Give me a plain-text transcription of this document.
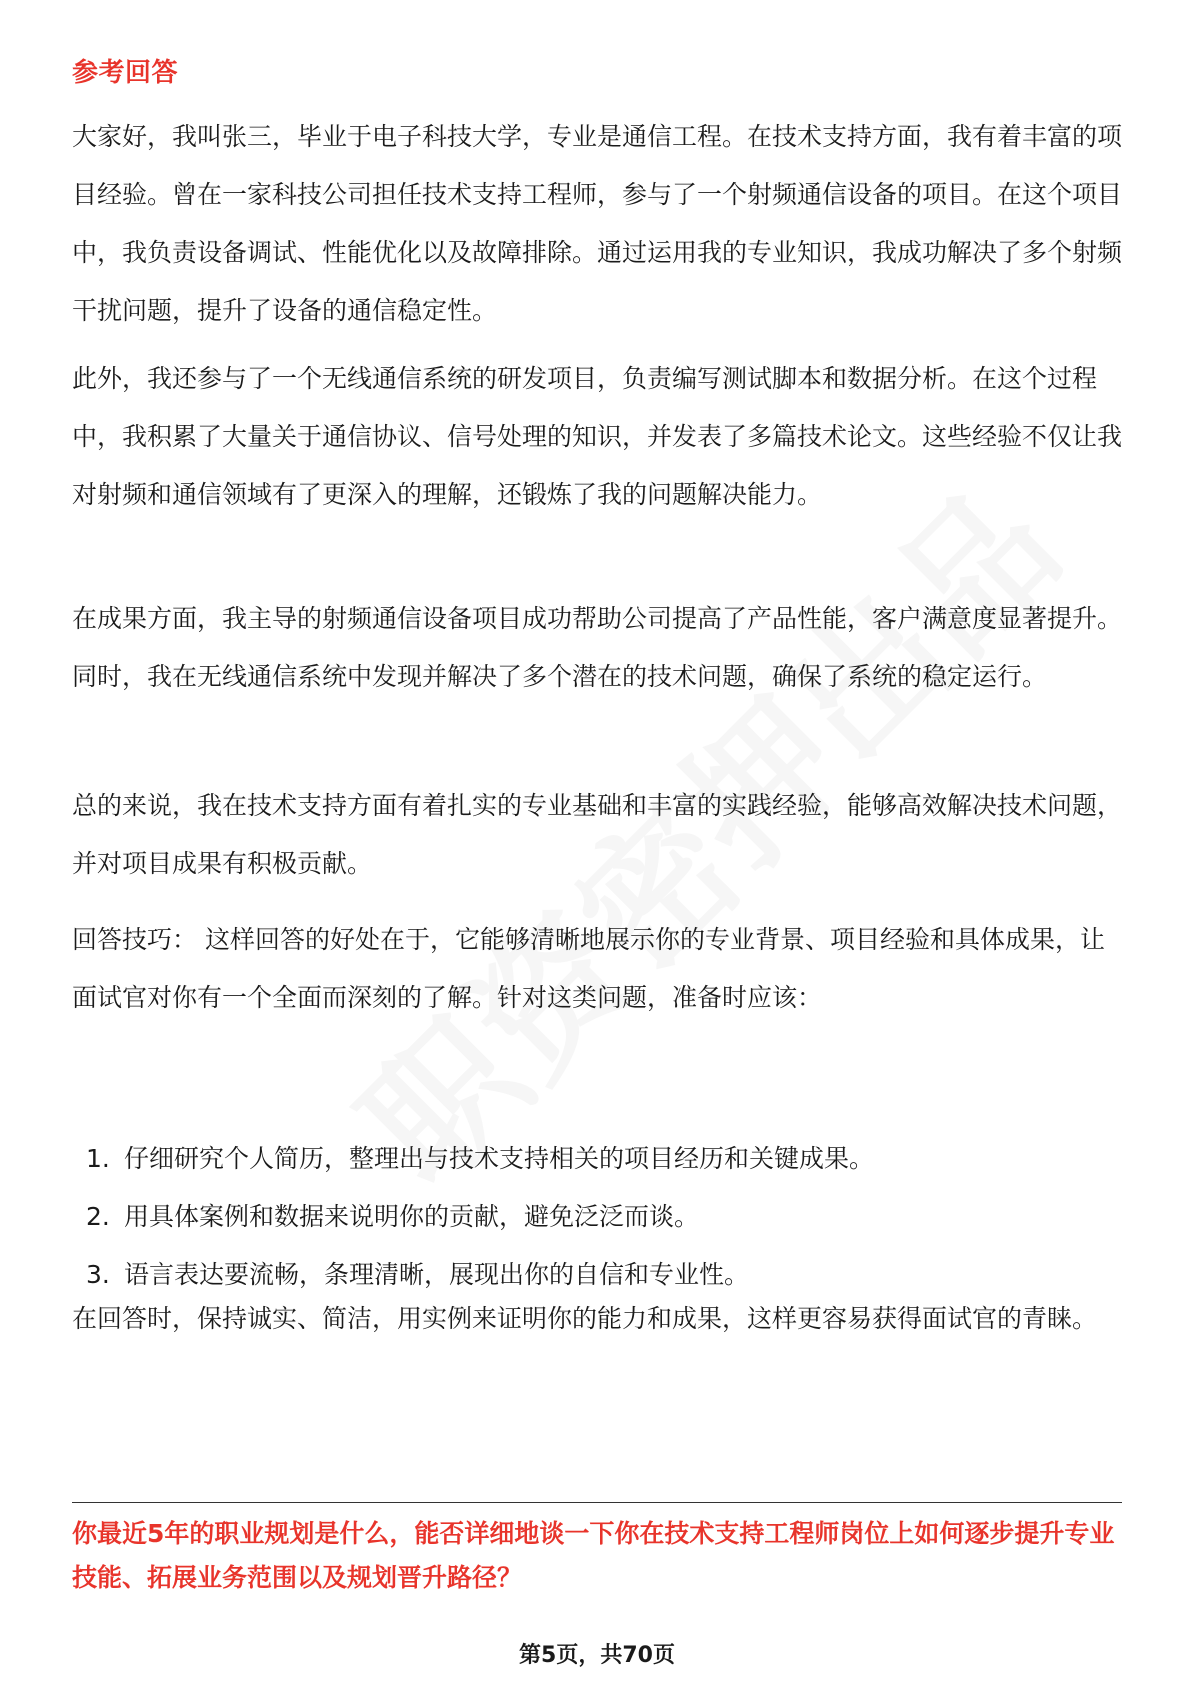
参考回答

大家好，我叫张三，毕业于电子科技大学，专业是通信工程。在技术支持方面，我有着丰富的项目经验。曾在一家科技公司担任技术支持工程师，参与了一个射频通信设备的项目。在这个项目中，我负责设备调试、性能优化以及故障排除。通过运用我的专业知识，我成功解决了多个射频干扰问题，提升了设备的通信稳定性。

此外，我还参与了一个无线通信系统的研发项目，负责编写测试脚本和数据分析。在这个过程中，我积累了大量关于通信协议、信号处理的知识，并发表了多篇技术论文。这些经验不仅让我对射频和通信领域有了更深入的理解，还锻炼了我的问题解决能力。

在成果方面，我主导的射频通信设备项目成功帮助公司提高了产品性能，客户满意度显著提升。同时，我在无线通信系统中发现并解决了多个潜在的技术问题，确保了系统的稳定运行。

总的来说，我在技术支持方面有着扎实的专业基础和丰富的实践经验，能够高效解决技术问题，并对项目成果有积极贡献。

回答技巧： 这样回答的好处在于，它能够清晰地展示你的专业背景、项目经验和具体成果，让面试官对你有一个全面而深刻的了解。针对这类问题，准备时应该：

1. 仔细研究个人简历，整理出与技术支持相关的项目经历和关键成果。
2. 用具体案例和数据来说明你的贡献，避免泛泛而谈。
3. 语言表达要流畅，条理清晰，展现出你的自信和专业性。

在回答时，保持诚实、简洁，用实例来证明你的能力和成果，这样更容易获得面试官的青睐。

你最近5年的职业规划是什么，能否详细地谈一下你在技术支持工程师岗位上如何逐步提升专业技能、拓展业务范围以及规划晋升路径？

第5页，共70页
